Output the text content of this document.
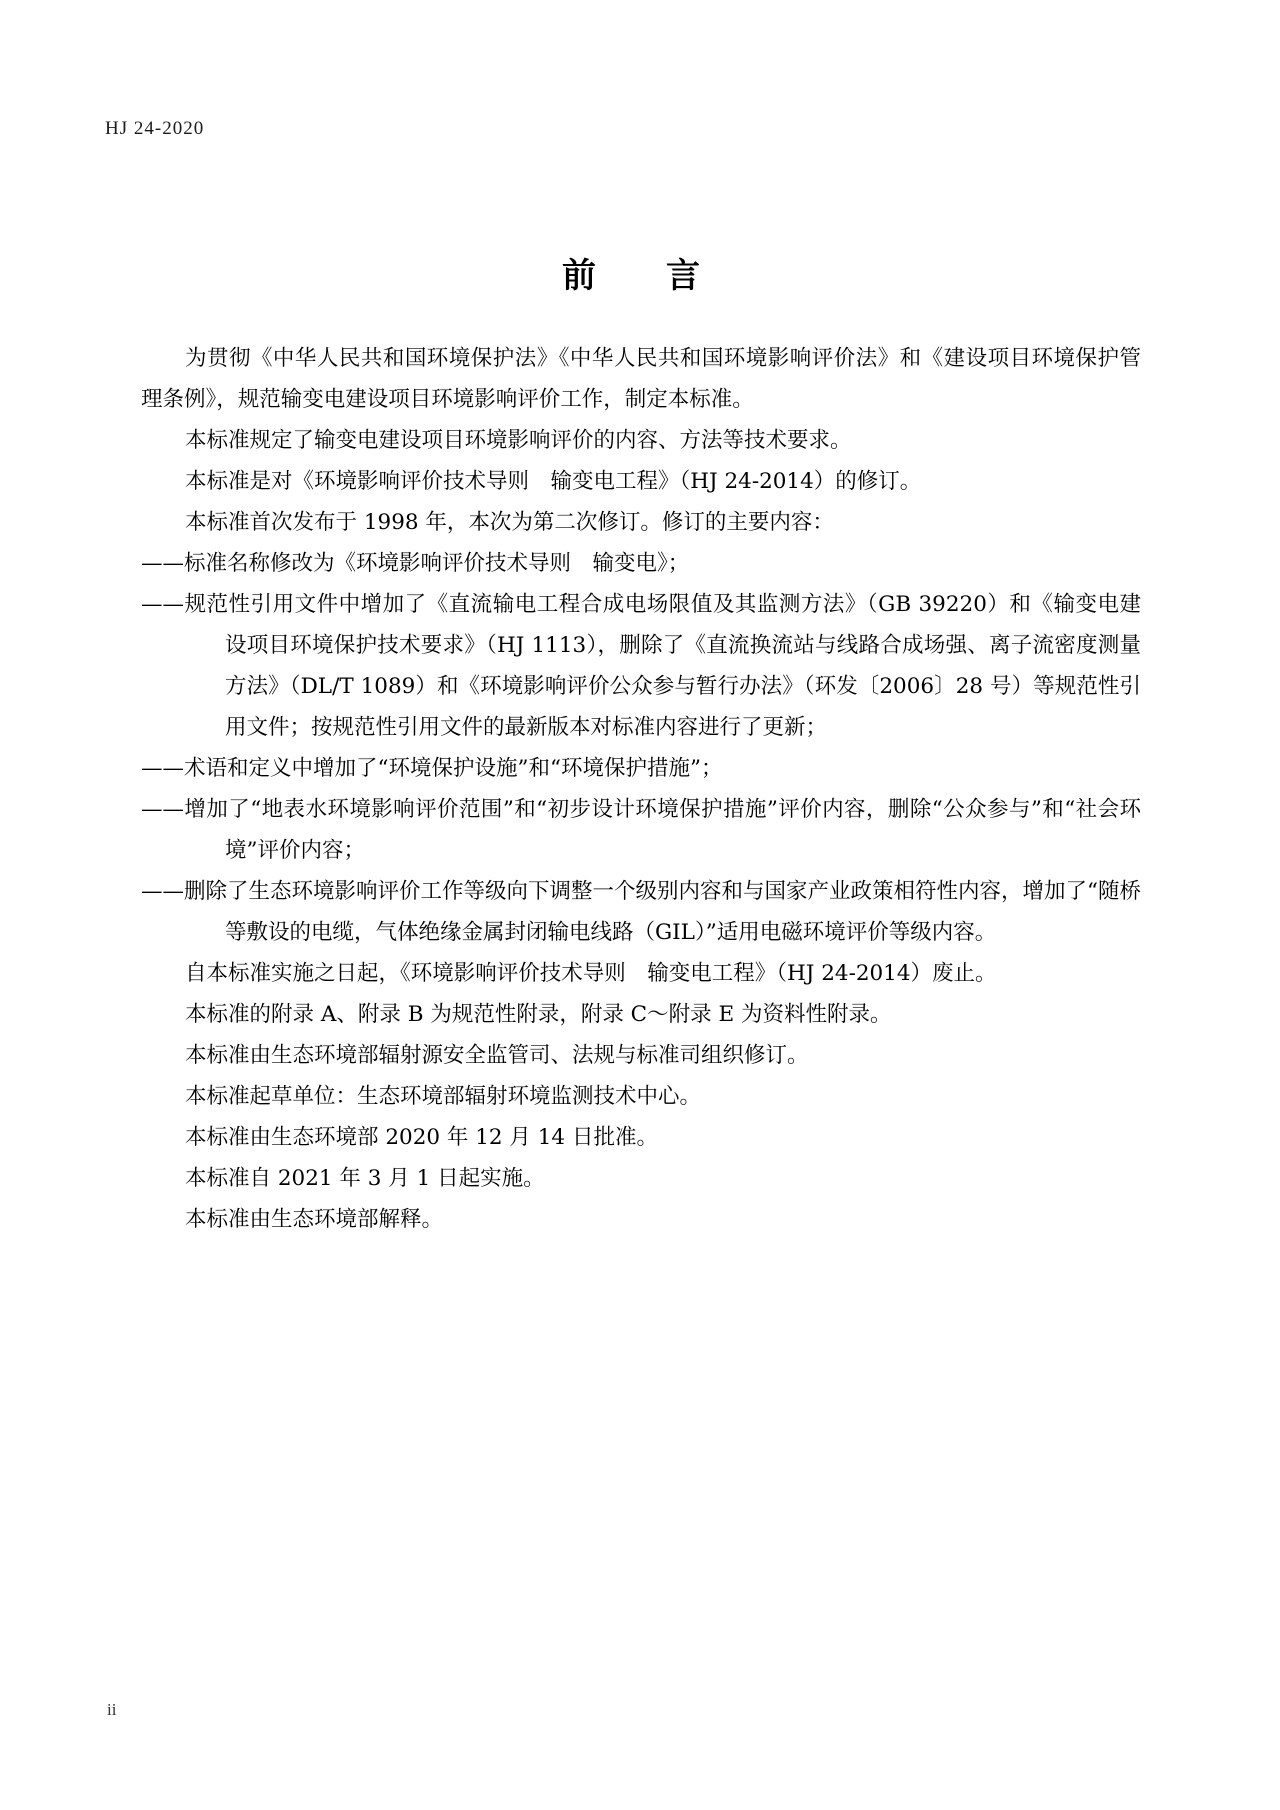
HJ 24-2020
前　言

为贯彻《中华人民共和国环境保护法》《中华人民共和国环境影响评价法》和《建设项目环境保护管理条例》，规范输变电建设项目环境影响评价工作，制定本标准。

本标准规定了输变电建设项目环境影响评价的内容、方法等技术要求。

本标准是对《环境影响评价技术导则　输变电工程》（HJ 24-2014）的修订。

本标准首次发布于 1998 年，本次为第二次修订。修订的主要内容：

——标准名称修改为《环境影响评价技术导则　输变电》；

——规范性引用文件中增加了《直流输电工程合成电场限值及其监测方法》（GB 39220）和《输变电建设项目环境保护技术要求》（HJ 1113），删除了《直流换流站与线路合成场强、离子流密度测量方法》（DL/T 1089）和《环境影响评价公众参与暂行办法》（环发〔2006〕28 号）等规范性引用文件；按规范性引用文件的最新版本对标准内容进行了更新；

——术语和定义中增加了“环境保护设施”和“环境保护措施”；

——增加了“地表水环境影响评价范围”和“初步设计环境保护措施”评价内容，删除“公众参与”和“社会环境”评价内容；

——删除了生态环境影响评价工作等级向下调整一个级别内容和与国家产业政策相符性内容，增加了“随桥等敷设的电缆，气体绝缘金属封闭输电线路（GIL）”适用电磁环境评价等级内容。

自本标准实施之日起，《环境影响评价技术导则　输变电工程》（HJ 24-2014）废止。

本标准的附录 A、附录 B 为规范性附录，附录 C～附录 E 为资料性附录。

本标准由生态环境部辐射源安全监管司、法规与标准司组织修订。

本标准起草单位：生态环境部辐射环境监测技术中心。

本标准由生态环境部 2020 年 12 月 14 日批准。

本标准自 2021 年 3 月 1 日起实施。

本标准由生态环境部解释。

ii
